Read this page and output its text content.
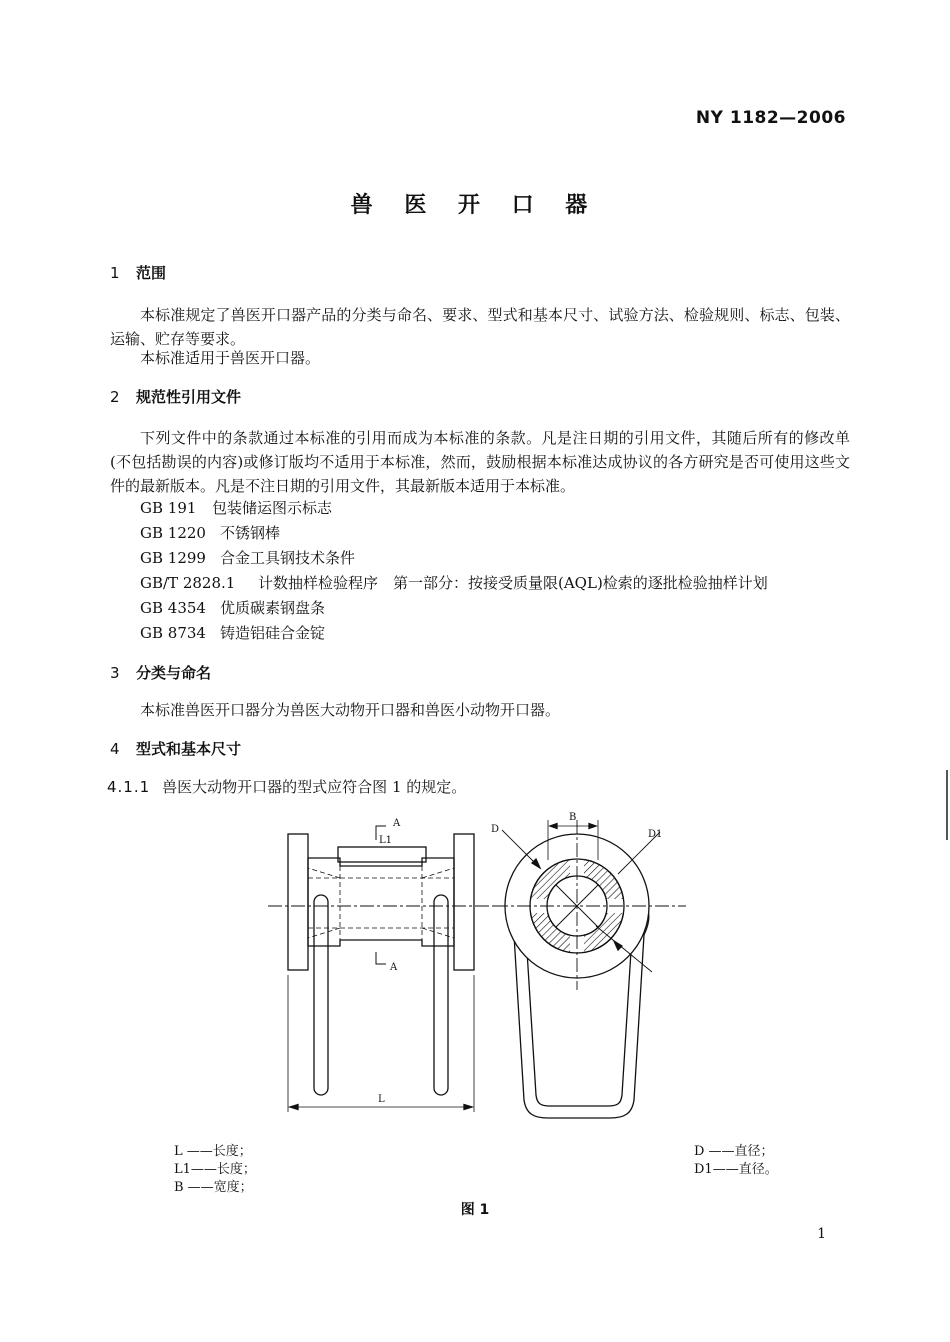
NY 1182—2006
兽 医 开 口 器
1 范围
本标准规定了兽医开口器产品的分类与命名、要求、型式和基本尺寸、试验方法、检验规则、标志、包装、运输、贮存等要求。
本标准适用于兽医开口器。
2 规范性引用文件
下列文件中的条款通过本标准的引用而成为本标准的条款。凡是注日期的引用文件，其随后所有的修改单(不包括勘误的内容)或修订版均不适用于本标准，然而，鼓励根据本标准达成协议的各方研究是否可使用这些文件的最新版本。凡是不注日期的引用文件，其最新版本适用于本标准。
GB 191 包装储运图示标志
GB 1220 不锈钢棒
GB 1299 合金工具钢技术条件
GB/T 2828.1 计数抽样检验程序　第一部分：按接受质量限(AQL)检索的逐批检验抽样计划
GB 4354 优质碳素钢盘条
GB 8734 铸造铝硅合金锭
3 分类与命名
本标准兽医开口器分为兽医大动物开口器和兽医小动物开口器。
4 型式和基本尺寸
4.1.1 兽医大动物开口器的型式应符合图 1 的规定。
A
L1
A
L
B
D	D1
L ——长度；
L1——长度；
B ——宽度；
D ——直径；
D1——直径。
图 1
1
